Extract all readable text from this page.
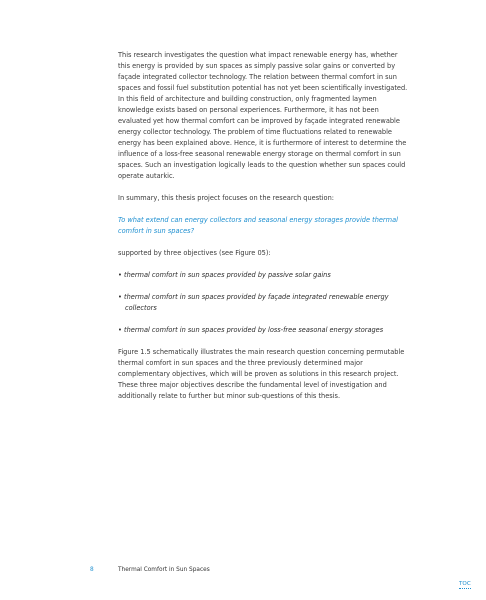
This research investigates the question what impact renewable energy has, whether this energy is provided by sun spaces as simply passive solar gains or converted by façade integrated collector technology. The relation between thermal comfort in sun spaces and fossil fuel substitution potential has not yet been scientifically investigated. In this field of architecture and building construction, only fragmented laymen knowledge exists based on personal experiences. Furthermore, it has not been evaluated yet how thermal comfort can be improved by façade integrated renewable energy collector technology. The problem of time fluctuations related to renewable energy has been explained above. Hence, it is furthermore of interest to determine the influence of a loss-free seasonal renewable energy storage on thermal comfort in sun spaces. Such an investigation logically leads to the question whether sun spaces could operate autarkic.

In summary, this thesis project focuses on the research question:

To what extend can energy collectors and seasonal energy storages provide thermal comfort in sun spaces?

supported by three objectives (see Figure 05):

• thermal comfort in sun spaces provided by passive solar gains

• thermal comfort in sun spaces provided by façade integrated renewable energy collectors

• thermal comfort in sun spaces provided by loss-free seasonal energy storages

Figure 1.5 schematically illustrates the main research question concerning permutable thermal comfort in sun spaces and the three previously determined major complementary objectives, which will be proven as solutions in this research project. These three major objectives describe the fundamental level of investigation and additionally relate to further but minor sub-questions of this thesis.

8	Thermal Comfort in Sun Spaces
TOC
